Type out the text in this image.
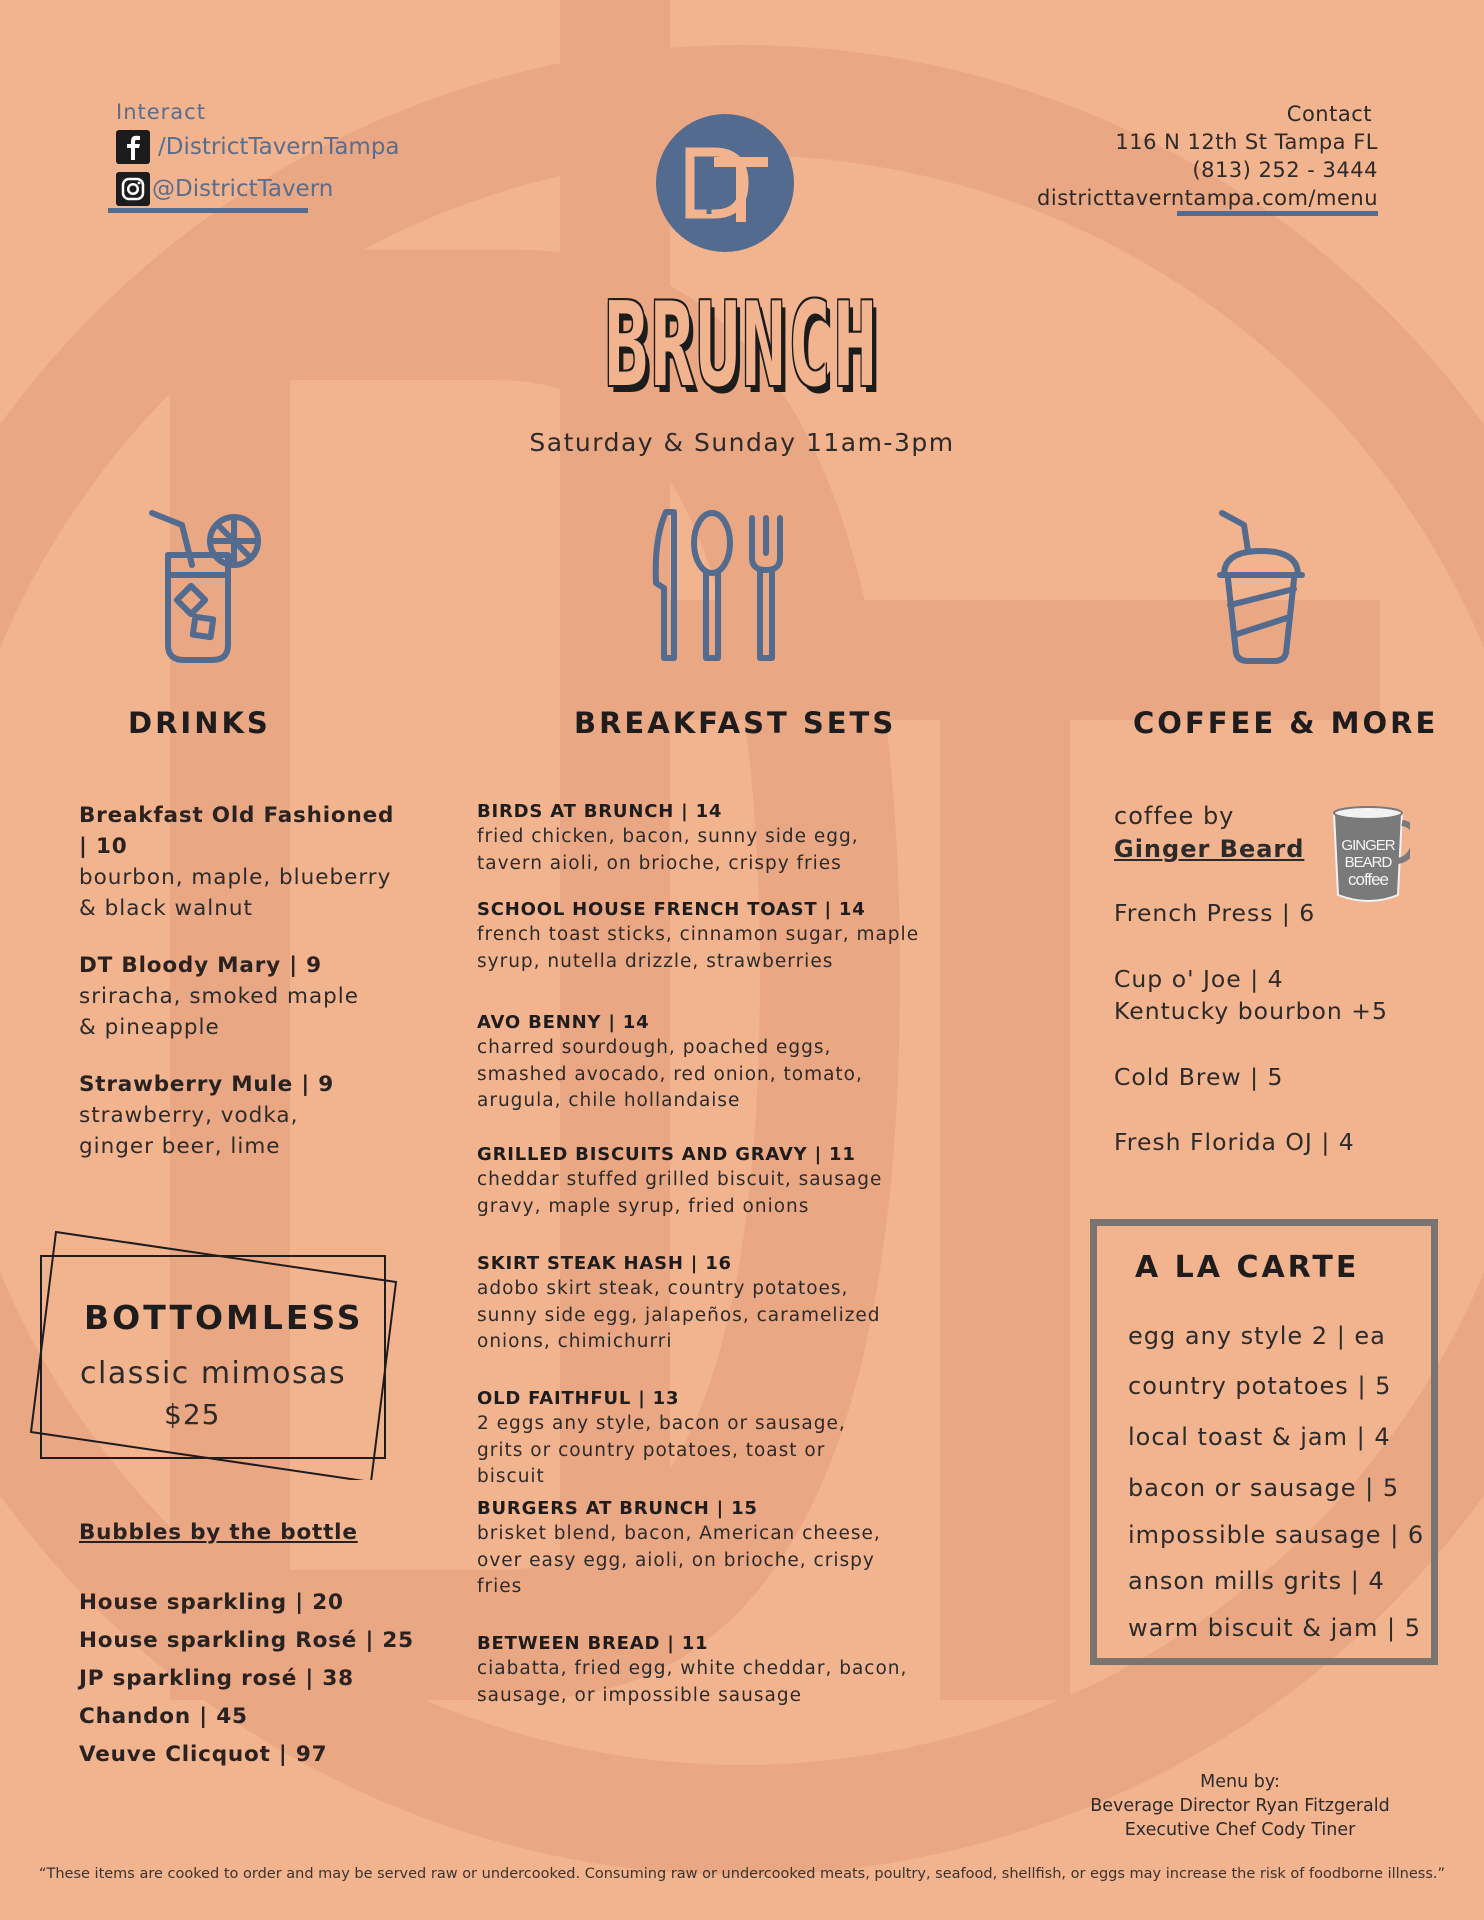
Interact
/DistrictTavernTampa
@DistrictTavern
Contact
116 N 12th St Tampa FL
(813) 252 - 3444
districttaverntampa.com/menu
BRUNCH
Saturday & Sunday 11am-3pm
DRINKS	BREAKFAST SETS	COFFEE & MORE
Breakfast Old Fashioned | 10
bourbon, maple, blueberry & black walnut
DT Bloody Mary | 9
sriracha, smoked maple & pineapple
Strawberry Mule | 9
strawberry, vodka, ginger beer, lime
BOTTOMLESS
classic mimosas
$25
Bubbles by the bottle
House sparkling | 20
House sparkling Rosé | 25
JP sparkling rosé | 38
Chandon | 45
Veuve Clicquot | 97
BIRDS AT BRUNCH | 14
fried chicken, bacon, sunny side egg, tavern aioli, on brioche, crispy fries
SCHOOL HOUSE FRENCH TOAST | 14
french toast sticks, cinnamon sugar, maple syrup, nutella drizzle, strawberries
AVO BENNY | 14
charred sourdough, poached eggs, smashed avocado, red onion, tomato, arugula, chile hollandaise
GRILLED BISCUITS AND GRAVY | 11
cheddar stuffed grilled biscuit, sausage gravy, maple syrup, fried onions
SKIRT STEAK HASH | 16
adobo skirt steak, country potatoes, sunny side egg, jalapeños, caramelized onions, chimichurri
OLD FAITHFUL | 13
2 eggs any style, bacon or sausage, grits or country potatoes, toast or biscuit
BURGERS AT BRUNCH | 15
brisket blend, bacon, American cheese, over easy egg, aioli, on brioche, crispy fries
BETWEEN BREAD | 11
ciabatta, fried egg, white cheddar, bacon, sausage, or impossible sausage
coffee by
Ginger Beard
French Press | 6
Cup o' Joe | 4
Kentucky bourbon +5
Cold Brew | 5
Fresh Florida OJ | 4
GINGER
BEARD
coffee
A LA CARTE
egg any style 2 | ea
country potatoes | 5
local toast & jam | 4
bacon or sausage | 5
impossible sausage | 6
anson mills grits | 4
warm biscuit & jam | 5
Menu by:
Beverage Director Ryan Fitzgerald
Executive Chef Cody Tiner
“These items are cooked to order and may be served raw or undercooked. Consuming raw or undercooked meats, poultry, seafood, shellfish, or eggs may increase the risk of foodborne illness.”
